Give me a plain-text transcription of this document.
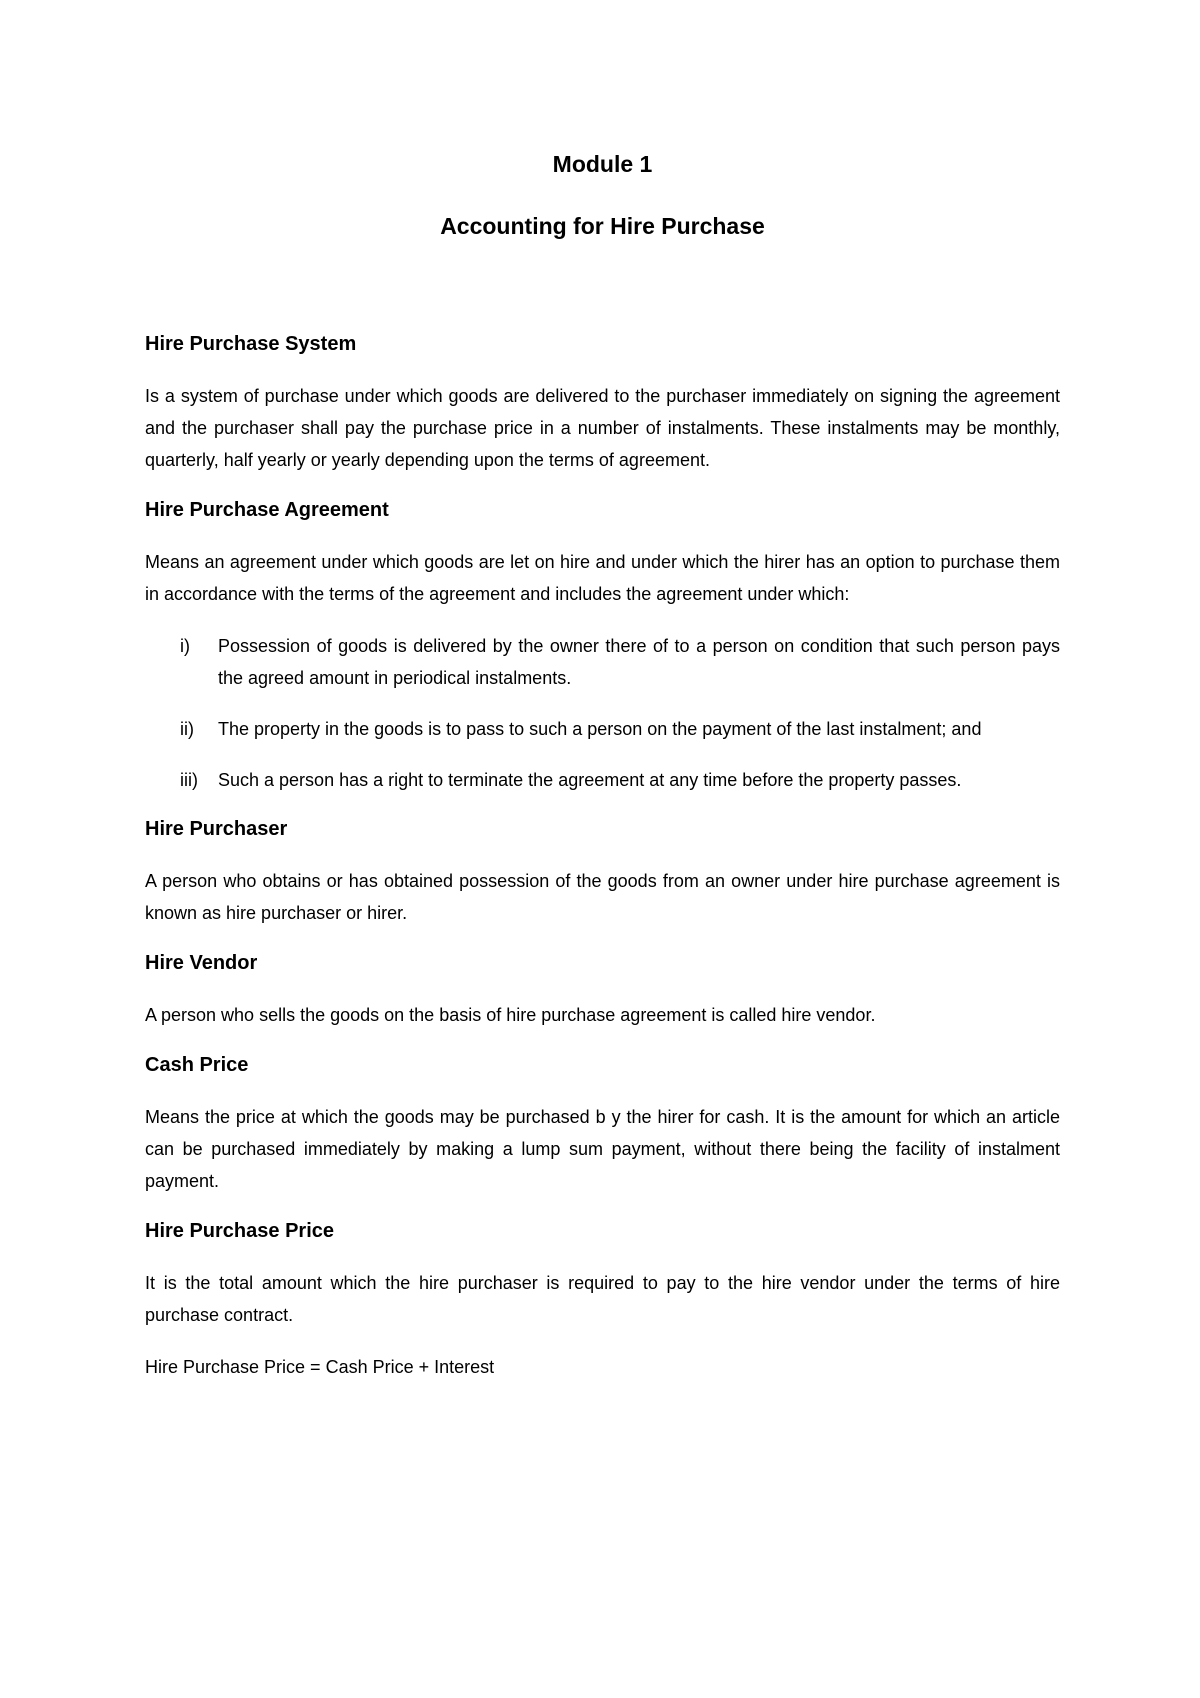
Module 1
Accounting for Hire Purchase
Hire Purchase System

Is a system of purchase under which goods are delivered to the purchaser immediately on signing the agreement and the purchaser shall pay the purchase price in a number of instalments. These instalments may be monthly, quarterly, half yearly or yearly depending upon the terms of agreement.

Hire Purchase Agreement

Means an agreement under which goods are let on hire and under which the hirer has an option to purchase them in accordance with the terms of the agreement and includes the agreement under which:

i) Possession of goods is delivered by the owner there of to a person on condition that such person pays the agreed amount in periodical instalments.
ii) The property in the goods is to pass to such a person on the payment of the last instalment; and
iii) Such a person has a right to terminate the agreement at any time before the property passes.
Hire Purchaser

A person who obtains or has obtained possession of the goods from an owner under hire purchase agreement is known as hire purchaser or hirer.

Hire Vendor

A person who sells the goods on the basis of hire purchase agreement is called hire vendor.

Cash Price

Means the price at which the goods may be purchased b y the hirer for cash. It is the amount for which an article can be purchased immediately by making a lump sum payment, without there being the facility of instalment payment.

Hire Purchase Price

It is the total amount which the hire purchaser is required to pay to the hire vendor under the terms of hire purchase contract.

Hire Purchase Price = Cash Price + Interest
